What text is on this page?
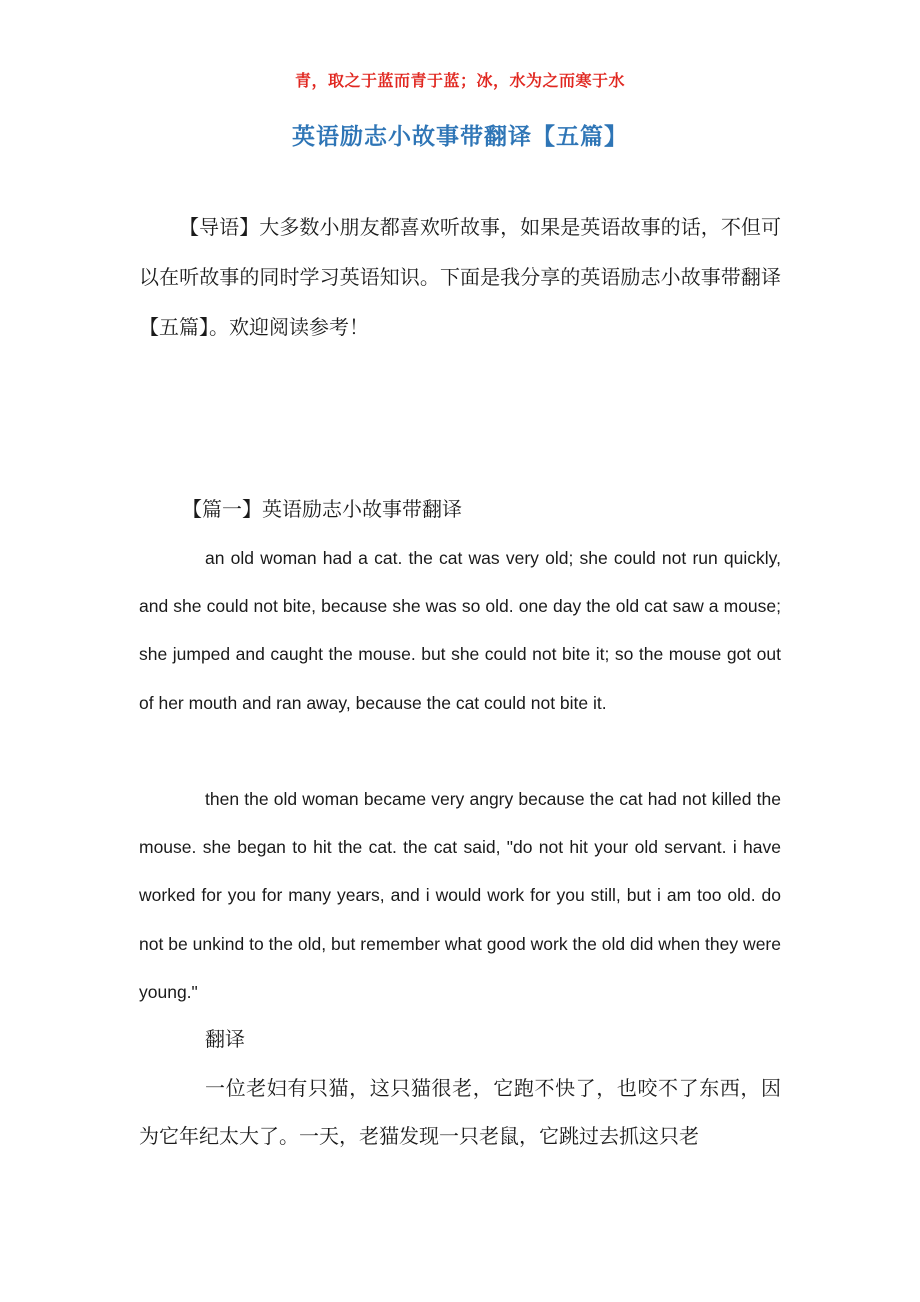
青，取之于蓝而青于蓝；冰，水为之而寒于水
英语励志小故事带翻译【五篇】
【导语】大多数小朋友都喜欢听故事，如果是英语故事的话，不但可以在听故事的同时学习英语知识。下面是我分享的英语励志小故事带翻译【五篇】。欢迎阅读参考！
【篇一】英语励志小故事带翻译
an old woman had a cat. the cat was very old; she could not run quickly, and she could not bite, because she was so old. one day the old cat saw a mouse; she jumped and caught the mouse. but she could not bite it; so the mouse got out of her mouth and ran away, because the cat could not bite it.
then the old woman became very angry because the cat had not killed the mouse. she began to hit the cat. the cat said, "do not hit your old servant. i have worked for you for many years, and i would work for you still, but i am too old. do not be unkind to the old, but remember what good work the old did when they were young."
翻译
一位老妇有只猫，这只猫很老，它跑不快了，也咬不了东西，因为它年纪太大了。一天，老猫发现一只老鼠，它跳过去抓这只老
